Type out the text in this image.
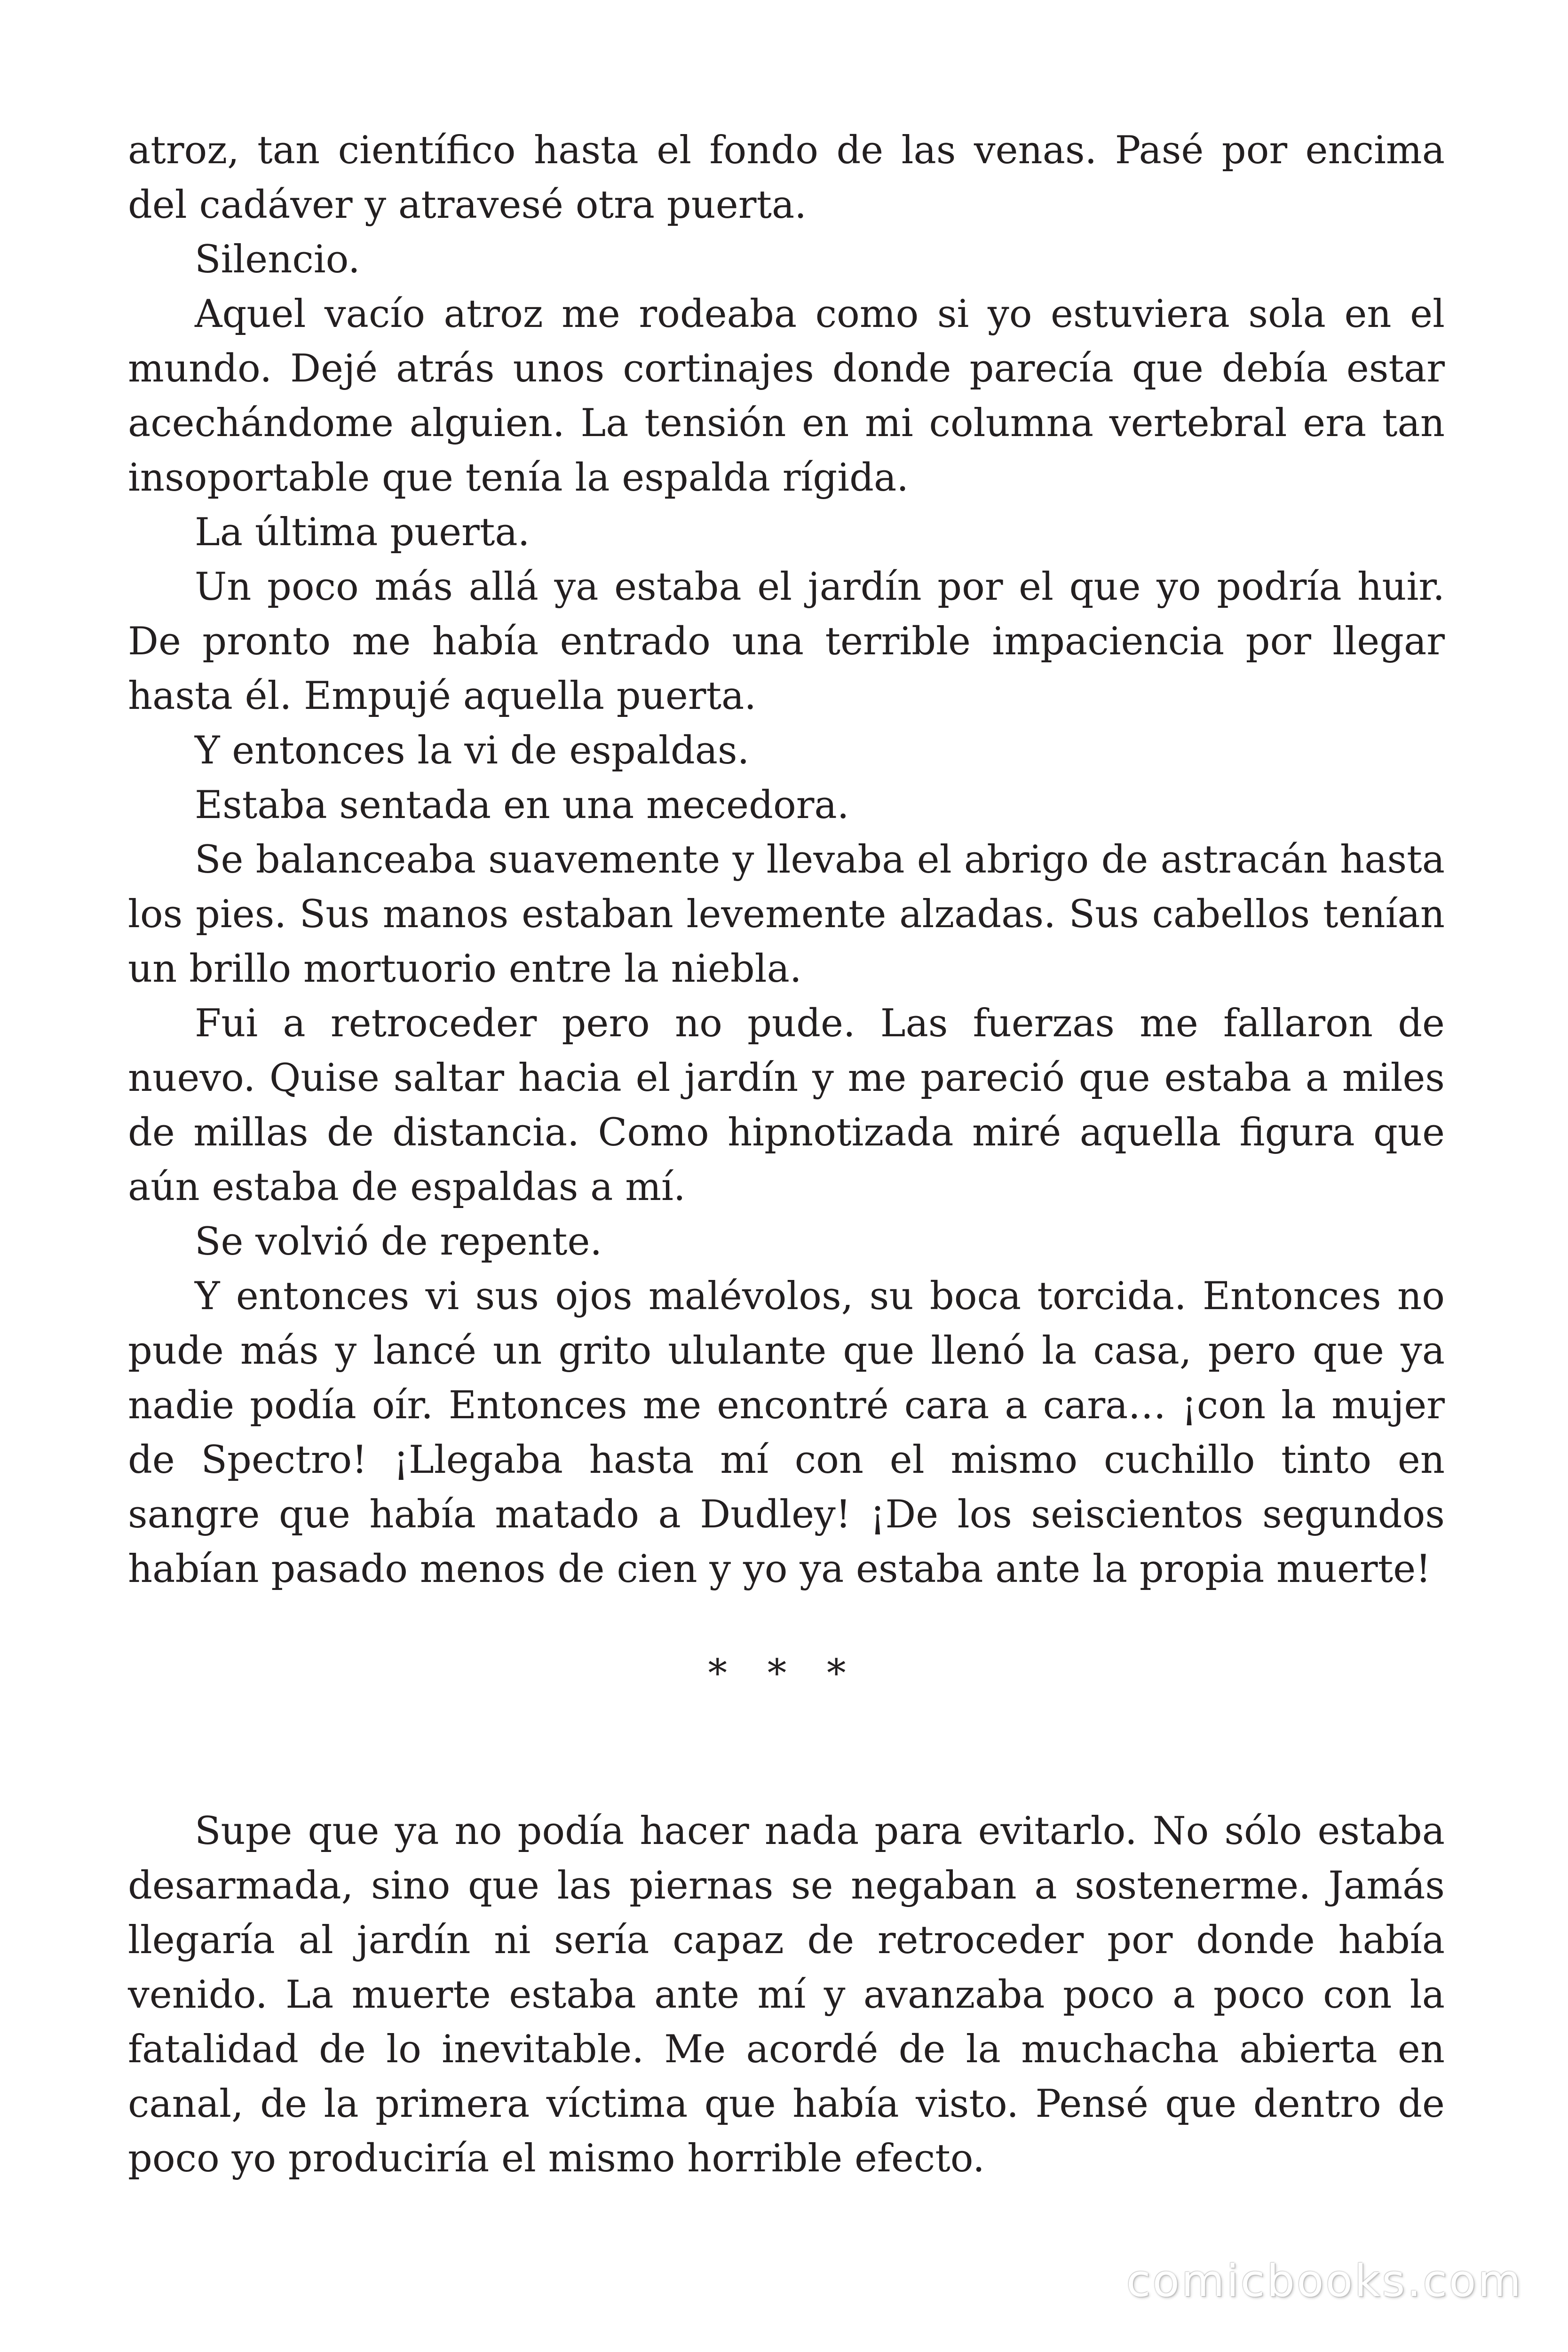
atroz, tan científico hasta el fondo de las venas. Pasé por encima del cadáver y atravesé otra puerta.

Silencio.

Aquel vacío atroz me rodeaba como si yo estuviera sola en el mundo. Dejé atrás unos cortinajes donde parecía que debía estar acechándome alguien. La tensión en mi columna vertebral era tan insoportable que tenía la espalda rígida.

La última puerta.

Un poco más allá ya estaba el jardín por el que yo podría huir. De pronto me había entrado una terrible impaciencia por llegar hasta él. Empujé aquella puerta.

Y entonces la vi de espaldas.

Estaba sentada en una mecedora.

Se balanceaba suavemente y llevaba el abrigo de astracán hasta los pies. Sus manos estaban levemente alzadas. Sus cabellos tenían un brillo mortuorio entre la niebla.

Fui a retroceder pero no pude. Las fuerzas me fallaron de nuevo. Quise saltar hacia el jardín y me pareció que estaba a miles de millas de distancia. Como hipnotizada miré aquella figura que aún estaba de espaldas a mí.

Se volvió de repente.

Y entonces vi sus ojos malévolos, su boca torcida. Entonces no pude más y lancé un grito ululante que llenó la casa, pero que ya nadie podía oír. Entonces me encontré cara a cara… ¡con la mujer de Spectro! ¡Llegaba hasta mí con el mismo cuchillo tinto en sangre que había matado a Dudley! ¡De los seiscientos segundos habían pasado menos de cien y yo ya estaba ante la propia muerte!

* * *

Supe que ya no podía hacer nada para evitarlo. No sólo estaba desarmada, sino que las piernas se negaban a sostenerme. Jamás llegaría al jardín ni sería capaz de retroceder por donde había venido. La muerte estaba ante mí y avanzaba poco a poco con la fatalidad de lo inevitable. Me acordé de la muchacha abierta en canal, de la primera víctima que había visto. Pensé que dentro de poco yo produciría el mismo horrible efecto.

comicbooks.com
